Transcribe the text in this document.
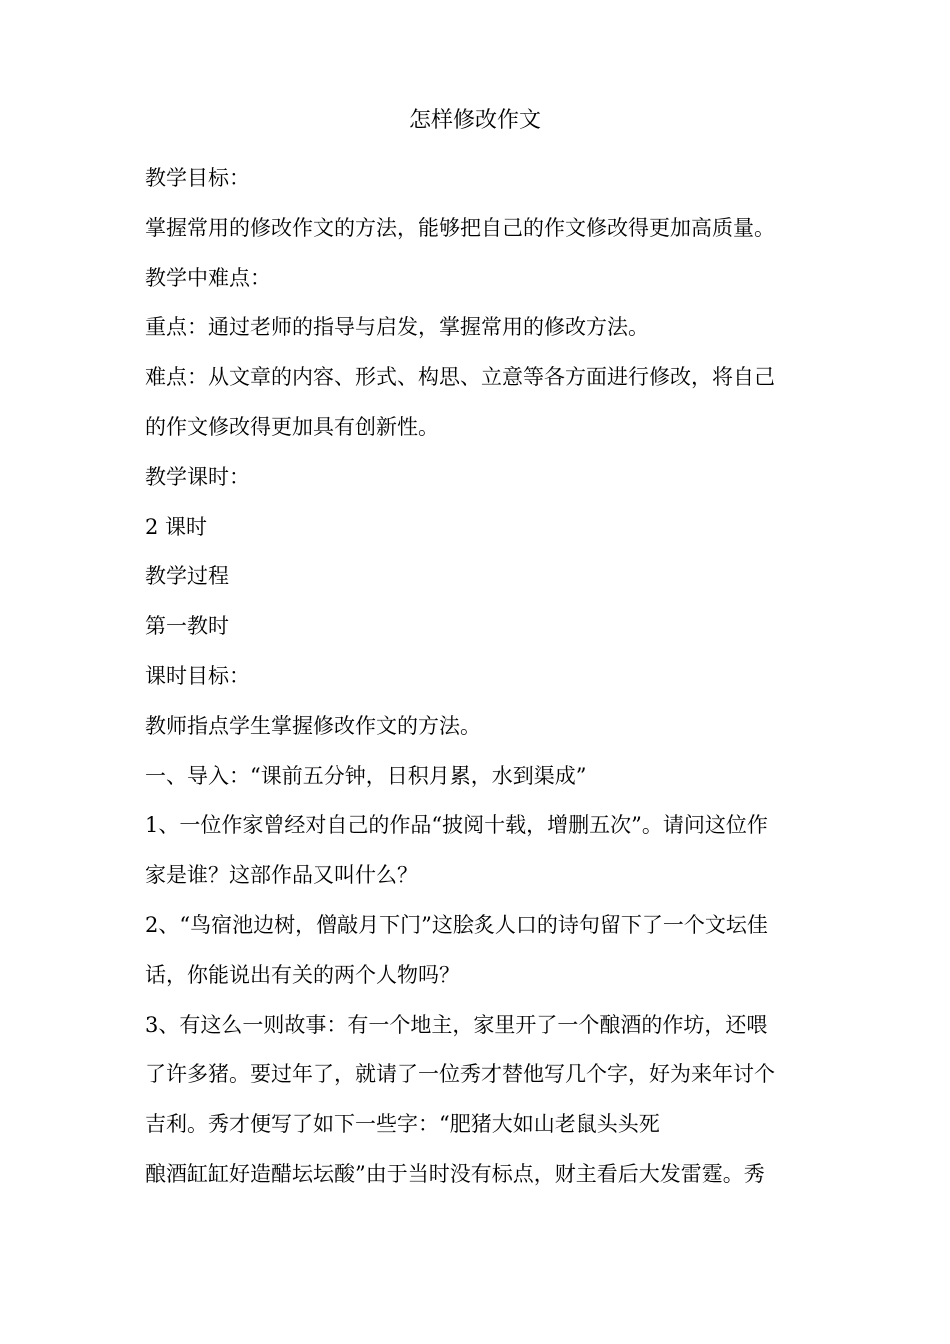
怎样修改作文

教学目标：

掌握常用的修改作文的方法，能够把自己的作文修改得更加高质量。

教学中难点：

重点：通过老师的指导与启发，掌握常用的修改方法。

难点：从文章的内容、形式、构思、立意等各方面进行修改，将自己

的作文修改得更加具有创新性。

教学课时：

2 课时

教学过程

第一教时

课时目标：

教师指点学生掌握修改作文的方法。

一、导入：“课前五分钟，日积月累，水到渠成”

1、一位作家曾经对自己的作品“披阅十载，增删五次”。请问这位作

家是谁？这部作品又叫什么？

2、“鸟宿池边树，僧敲月下门”这脍炙人口的诗句留下了一个文坛佳

话，你能说出有关的两个人物吗？

3、有这么一则故事：有一个地主，家里开了一个酿酒的作坊，还喂

了许多猪。要过年了，就请了一位秀才替他写几个字，好为来年讨个

吉利。秀才便写了如下一些字：“肥猪大如山老鼠头头死

酿酒缸缸好造醋坛坛酸”由于当时没有标点，财主看后大发雷霆。秀
